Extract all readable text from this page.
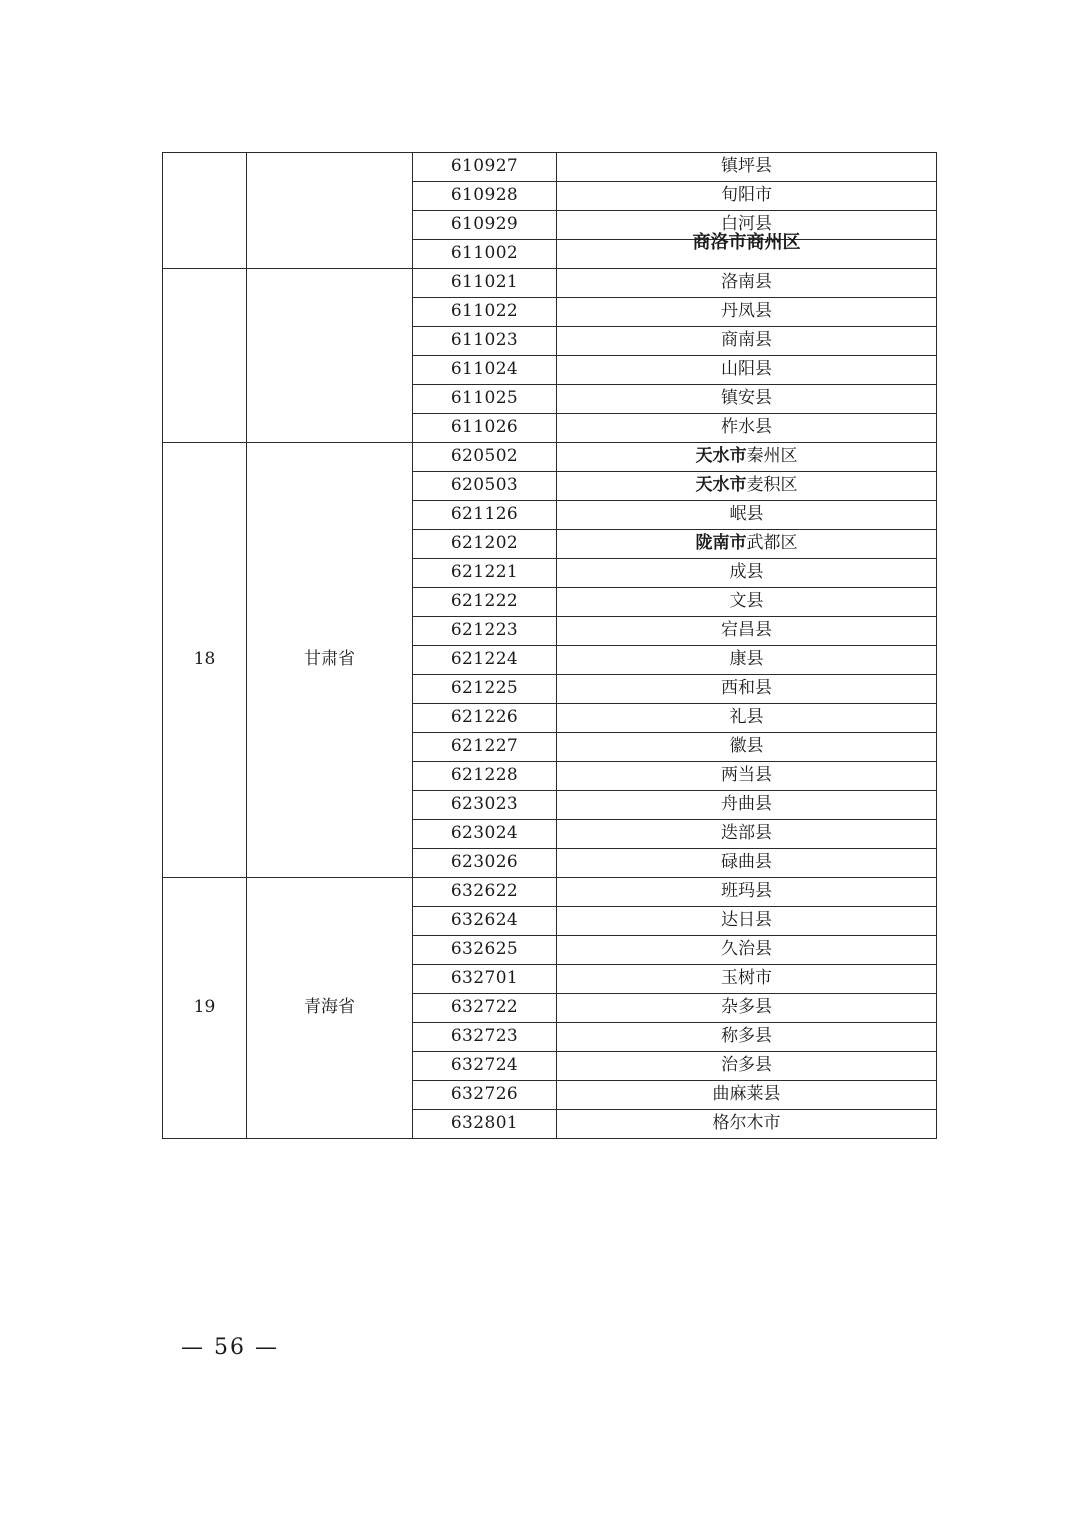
		610927	镇坪县
		610928	旬阳市
		610929	白河县
		611002	商洛市商州区

		611021	洛南县
		611022	丹凤县
		611023	商南县
		611024	山阳县
		611025	镇安县
		611026	柞水县
18	甘肃省	620502	天水市秦州区
		620503	天水市麦积区
		621126	岷县
		621202	陇南市武都区
		621221	成县
		621222	文县
		621223	宕昌县
		621224	康县
		621225	西和县
		621226	礼县
		621227	徽县
		621228	两当县
		623023	舟曲县
		623024	迭部县
		623026	碌曲县
19	青海省	632622	班玛县
		632624	达日县
		632625	久治县
		632701	玉树市
		632722	杂多县
		632723	称多县
		632724	治多县
		632726	曲麻莱县
		632801	格尔木市
— 56 —
